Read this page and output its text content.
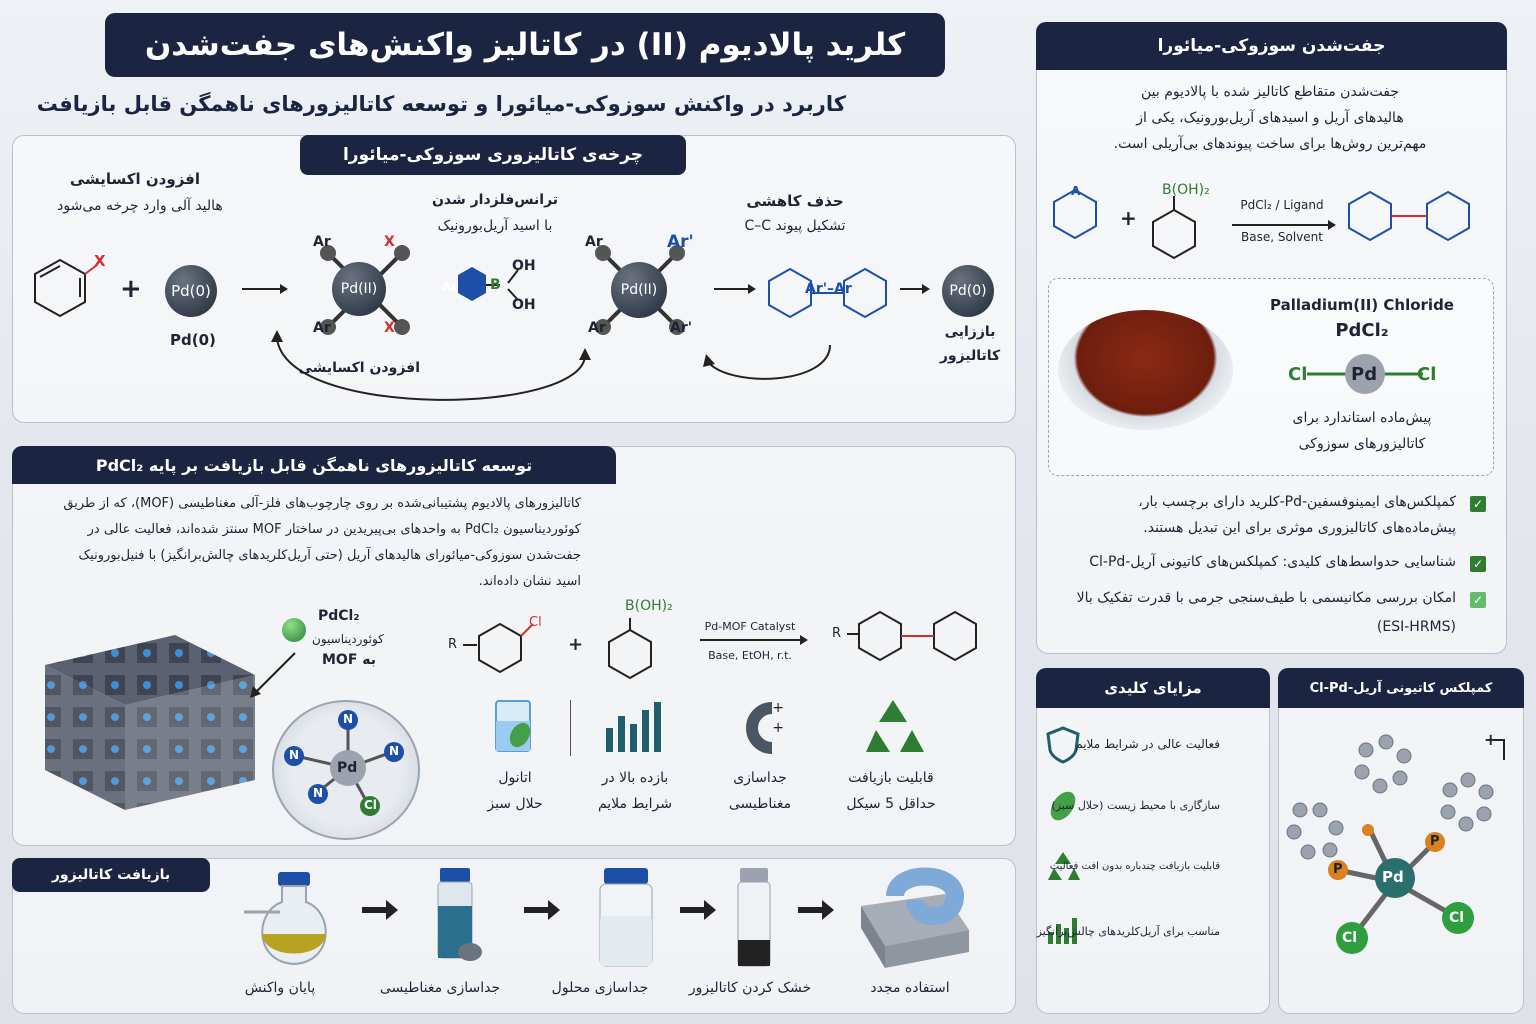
کلرید پالادیوم (II) در کاتالیز واکنش‌های جفت‌شدن
کاربرد در واکنش سوزوکی-میائورا و توسعه کاتالیزورهای ناهمگن قابل بازیافت
چرخه‌ی کاتالیزوری سوزوکی-میائورا
افزودن اکسایشی
هالید آلی وارد چرخه می‌شود	ترانس‌فلزدار شدن
با اسید آریل‌بورونیک
حذف کاهشی
تشکیل پیوند C–C
X
+ Pd(0)
Pd(0)
Pd(II)
Ar	X
Ar	X
افزودن اکسایشی
Ar B
OH
OH
Pd(II)
Ar	Ar'
Ar	Ar'
Ar'–Ar	Pd(0)
باززایی
کاتالیزور
جفت‌شدن سوزوکی-میائورا
جفت‌شدن متقاطع کاتالیز شده با پالادیوم بین
هالیدهای آریل و اسیدهای آریل‌بورونیک، یکی از
مهم‌ترین روش‌ها برای ساخت پیوندهای بی‌آریلی است.
A
+
B(OH)₂
PdCl₂ / Ligand
Base, Solvent
Palladium(II) Chloride
PdCl₂
Cl Pd Cl
پیش‌ماده استاندارد برای
کاتالیزورهای سوزوکی
✓
کمپلکس‌های ایمینوفسفین-Pd-کلرید دارای برچسب بار،
پیش‌ماده‌های کاتالیزوری موثری برای این تبدیل هستند.
✓
شناسایی حدواسط‌های کلیدی: کمپلکس‌های کاتیونی آریل-Cl-Pd
✓
امکان بررسی مکانیسمی با طیف‌سنجی جرمی با قدرت تفکیک بالا
(ESI-HRMS)
توسعه کاتالیزورهای ناهمگن قابل بازیافت بر پایه PdCl₂
کاتالیزورهای پالادیوم پشتیبانی‌شده بر روی چارچوب‌های فلز-آلی مغناطیسی (MOF)، که از طریق
کوئوردیناسیون PdCl₂ به واحدهای بی‌پیریدین در ساختار MOF سنتز شده‌اند، فعالیت عالی در
جفت‌شدن سوزوکی-میائورای هالیدهای آریل (حتی آریل‌کلریدهای چالش‌برانگیز) با فنیل‌بورونیک
اسید نشان داده‌اند.
PdCl₂
کوئوردیناسیون
به MOF
N
N	N
N
Pd
Cl
R
Cl
+
B(OH)₂
Pd-MOF Catalyst
Base, EtOH, r.t.
R
+
+
اتانول
حلال سبز
بازده بالا در
شرایط ملایم
جداسازی
مغناطیسی
قابلیت بازیافت
حداقل 5 سیکل
بازیافت کاتالیزور
پایان واکنش	جداسازی مغناطیسی	جداسازی محلول	خشک کردن کاتالیزور	استفاده مجدد
مزایای کلیدی
فعالیت عالی در شرایط ملایم
سازگاری با محیط زیست (حلال سبز)
قابلیت بازیافت چندباره بدون افت فعالیت
مناسب برای آریل‌کلریدهای چالش‌برانگیز
کمپلکس کاتیونی آریل-Cl-Pd
+
P
P
Pd
Cl
Cl
